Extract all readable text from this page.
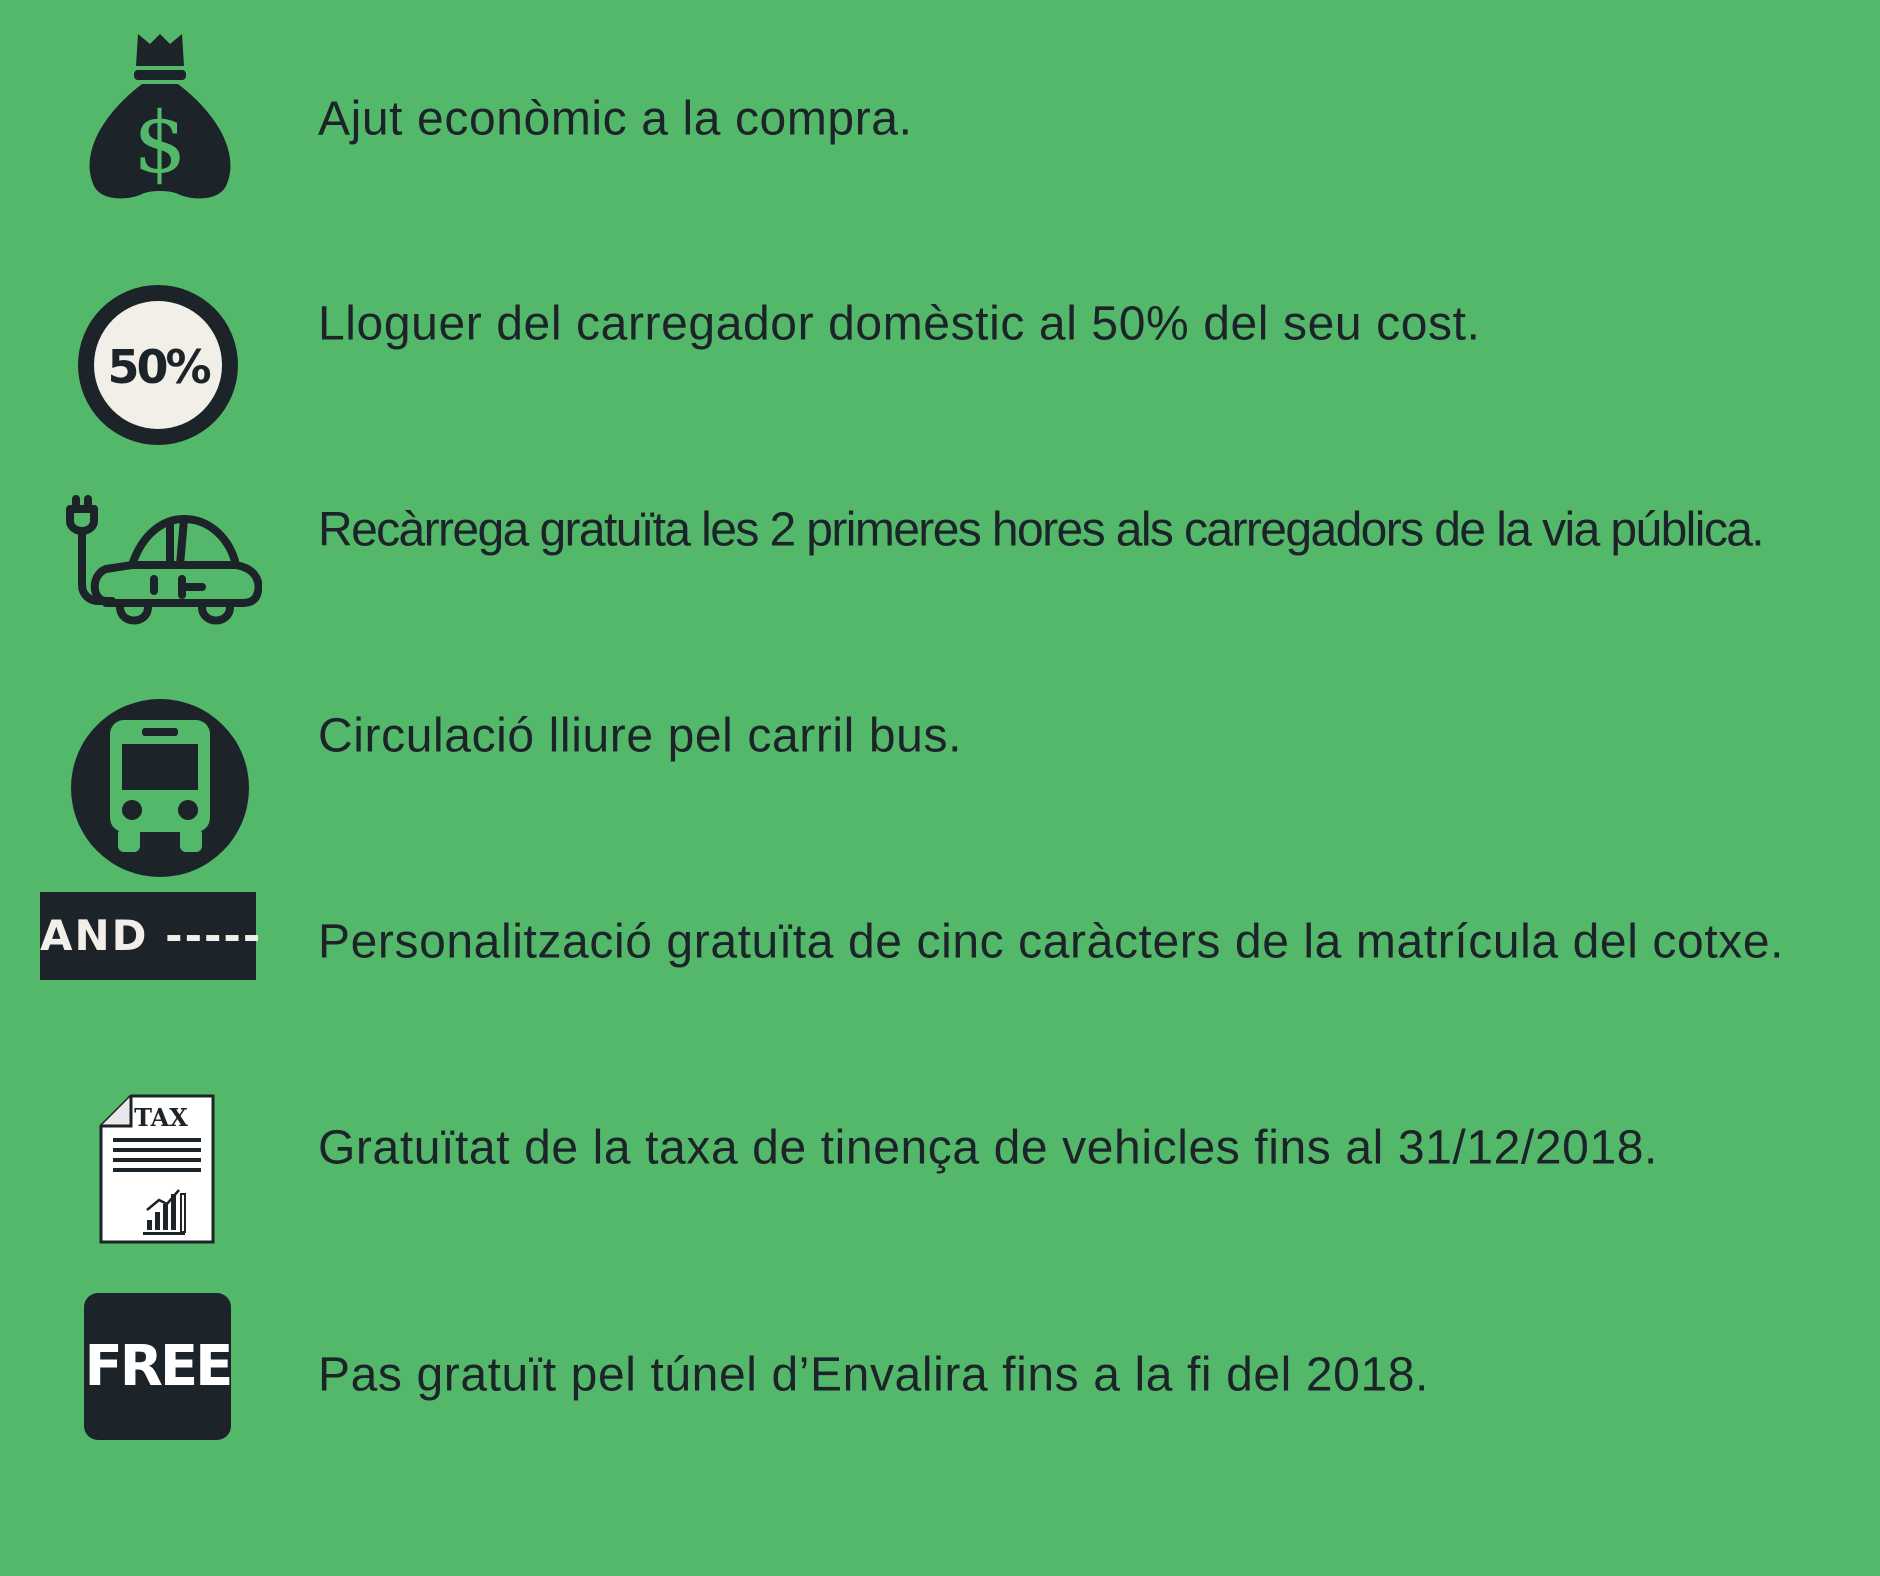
$	Ajut econòmic a la compra.
50%
Lloguer del carregador domèstic al 50% del seu cost.
Recàrrega gratuïta les 2 primeres hores als carregadors de la via pública.
Circulació lliure pel carril bus.
AND ----- Personalització gratuïta de cinc caràcters de la matrícula del cotxe.
TAX
Gratuïtat de la taxa de tinença de vehicles fins al 31/12/2018.
FREE Pas gratuït pel túnel d’Envalira fins a la fi del 2018.
